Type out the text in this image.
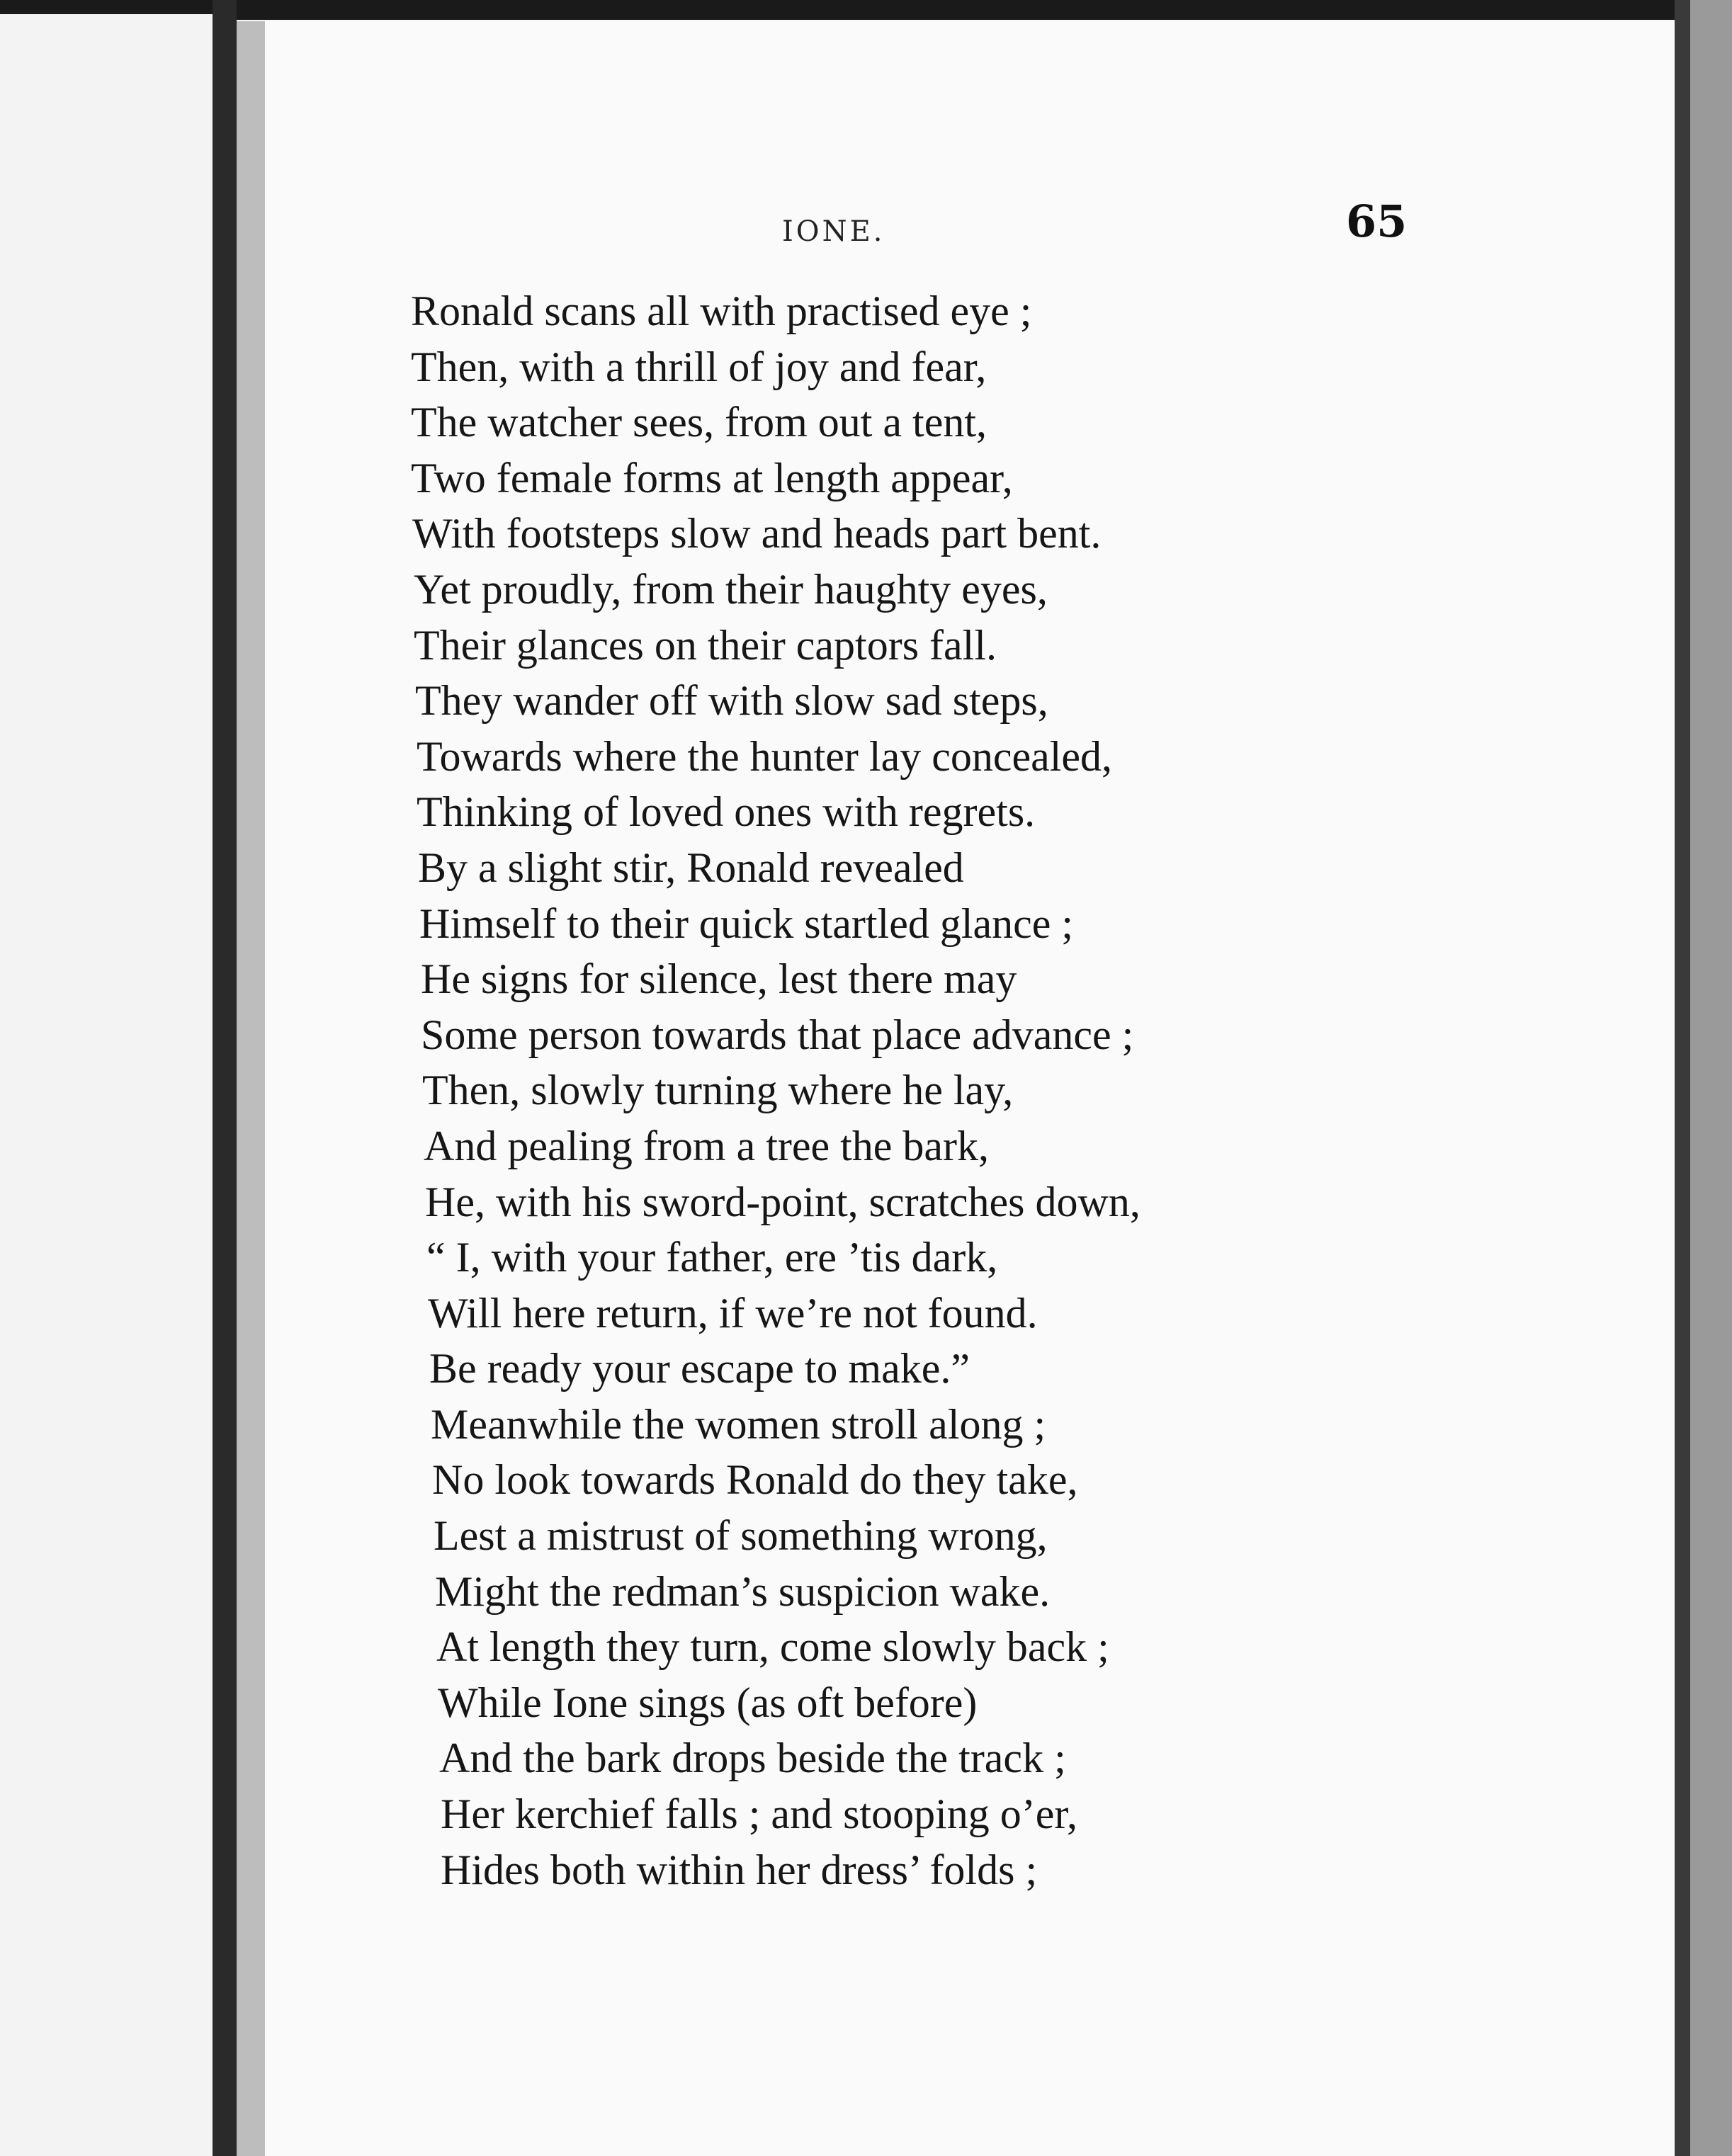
IONE.	65
Ronald scans all with practised eye ;
Then, with a thrill of joy and fear,
The watcher sees, from out a tent,
Two female forms at length appear,
With footsteps slow and heads part bent.
Yet proudly, from their haughty eyes,
Their glances on their captors fall.
They wander off with slow sad steps,
Towards where the hunter lay concealed,
Thinking of loved ones with regrets.
By a slight stir, Ronald revealed
Himself to their quick startled glance ;
He signs for silence, lest there may
Some person towards that place advance ;
Then, slowly turning where he lay,
And pealing from a tree the bark,
He, with his sword-point, scratches down,
“ I, with your father, ere ’tis dark,
Will here return, if we’re not found.
Be ready your escape to make.”
Meanwhile the women stroll along ;
No look towards Ronald do they take,
Lest a mistrust of something wrong,
Might the redman’s suspicion wake.
At length they turn, come slowly back ;
While Ione sings (as oft before)
And the bark drops beside the track ;
Her kerchief falls ; and stooping o’er,
Hides both within her dress’ folds ;
